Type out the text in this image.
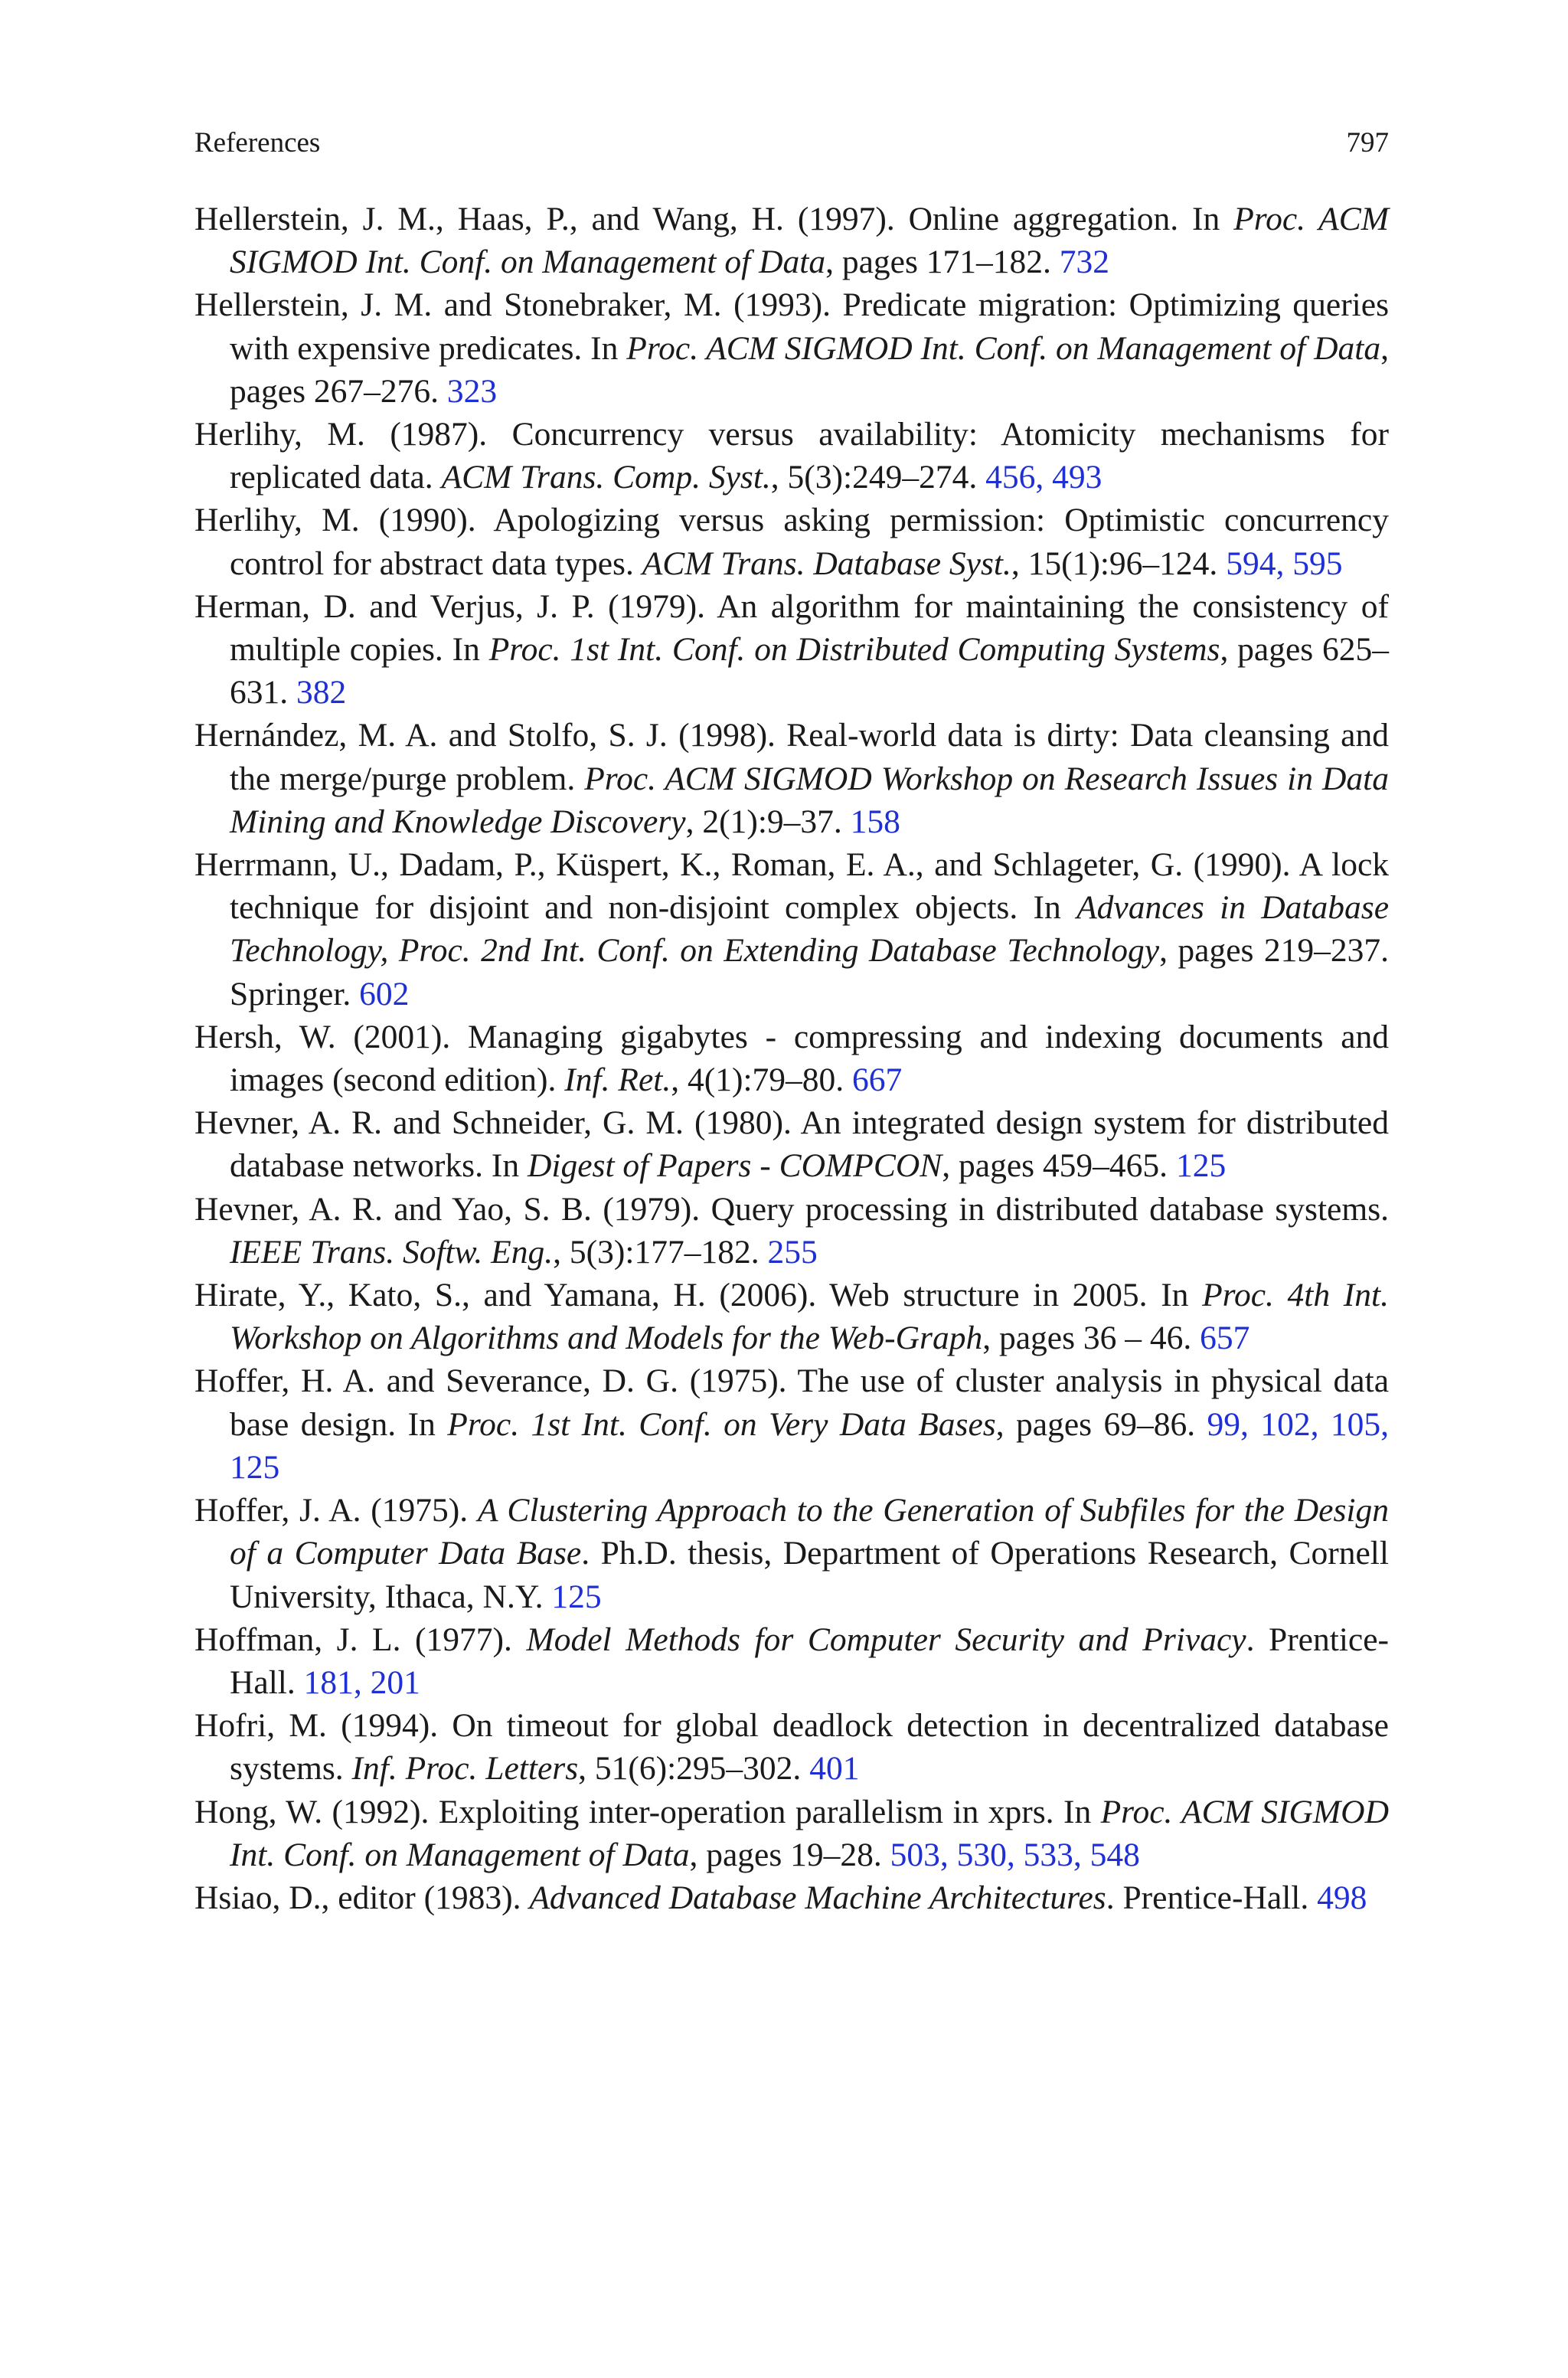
References	797
Hellerstein, J. M., Haas, P., and Wang, H. (1997). Online aggregation. In Proc. ACM SIGMOD Int. Conf. on Management of Data, pages 171–182. 732
Hellerstein, J. M. and Stonebraker, M. (1993). Predicate migration: Optimizing queries with expensive predicates. In Proc. ACM SIGMOD Int. Conf. on Management of Data, pages 267–276. 323
Herlihy, M. (1987). Concurrency versus availability: Atomicity mechanisms for replicated data. ACM Trans. Comp. Syst., 5(3):249–274. 456, 493
Herlihy, M. (1990). Apologizing versus asking permission: Optimistic concurrency control for abstract data types. ACM Trans. Database Syst., 15(1):96–124. 594, 595
Herman, D. and Verjus, J. P. (1979). An algorithm for maintaining the consistency of multiple copies. In Proc. 1st Int. Conf. on Distributed Computing Systems, pages 625–631. 382
Hernández, M. A. and Stolfo, S. J. (1998). Real-world data is dirty: Data cleansing and the merge/purge problem. Proc. ACM SIGMOD Workshop on Research Issues in Data Mining and Knowledge Discovery, 2(1):9–37. 158
Herrmann, U., Dadam, P., Küspert, K., Roman, E. A., and Schlageter, G. (1990). A lock technique for disjoint and non-disjoint complex objects. In Advances in Database Technology, Proc. 2nd Int. Conf. on Extending Database Technology, pages 219–237. Springer. 602
Hersh, W. (2001). Managing gigabytes - compressing and indexing documents and images (second edition). Inf. Ret., 4(1):79–80. 667
Hevner, A. R. and Schneider, G. M. (1980). An integrated design system for distributed database networks. In Digest of Papers - COMPCON, pages 459–465. 125
Hevner, A. R. and Yao, S. B. (1979). Query processing in distributed database systems. IEEE Trans. Softw. Eng., 5(3):177–182. 255
Hirate, Y., Kato, S., and Yamana, H. (2006). Web structure in 2005. In Proc. 4th Int. Workshop on Algorithms and Models for the Web-Graph, pages 36 – 46. 657
Hoffer, H. A. and Severance, D. G. (1975). The use of cluster analysis in physical data base design. In Proc. 1st Int. Conf. on Very Data Bases, pages 69–86. 99, 102, 105, 125
Hoffer, J. A. (1975). A Clustering Approach to the Generation of Subfiles for the Design of a Computer Data Base. Ph.D. thesis, Department of Operations Research, Cornell University, Ithaca, N.Y. 125
Hoffman, J. L. (1977). Model Methods for Computer Security and Privacy. Prentice-Hall. 181, 201
Hofri, M. (1994). On timeout for global deadlock detection in decentralized database systems. Inf. Proc. Letters, 51(6):295–302. 401
Hong, W. (1992). Exploiting inter-operation parallelism in xprs. In Proc. ACM SIGMOD Int. Conf. on Management of Data, pages 19–28. 503, 530, 533, 548
Hsiao, D., editor (1983). Advanced Database Machine Architectures. Prentice-Hall. 498
